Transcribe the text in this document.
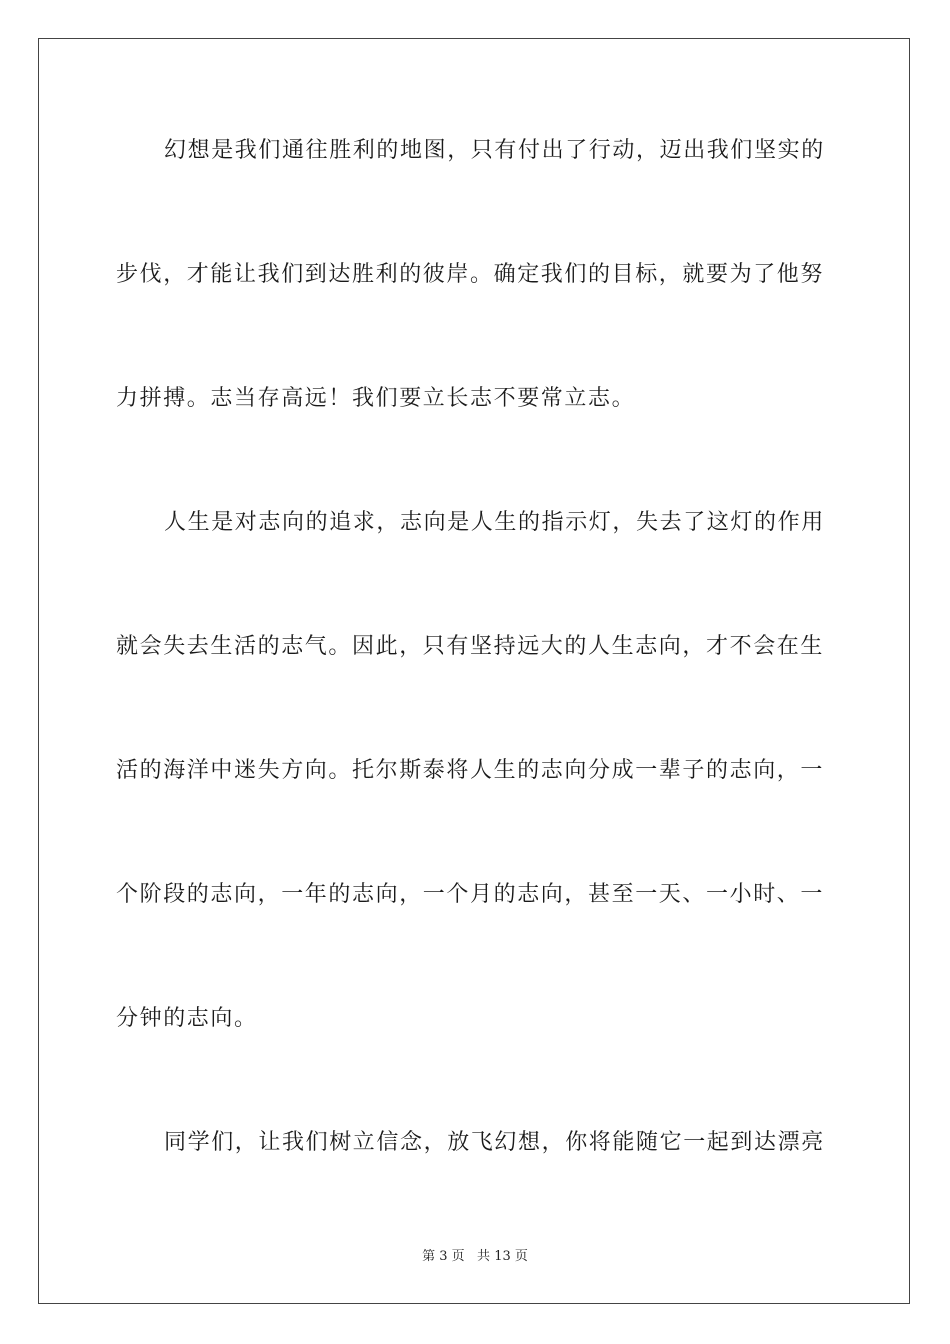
幻想是我们通往胜利的地图，只有付出了行动，迈出我们坚实的
步伐，才能让我们到达胜利的彼岸。确定我们的目标，就要为了他努
力拼搏。志当存高远！我们要立长志不要常立志。
人生是对志向的追求，志向是人生的指示灯，失去了这灯的作用
就会失去生活的志气。因此，只有坚持远大的人生志向，才不会在生
活的海洋中迷失方向。托尔斯泰将人生的志向分成一辈子的志向，一
个阶段的志向，一年的志向，一个月的志向，甚至一天、一小时、一
分钟的志向。
同学们，让我们树立信念，放飞幻想，你将能随它一起到达漂亮
第 3 页   共 13 页
